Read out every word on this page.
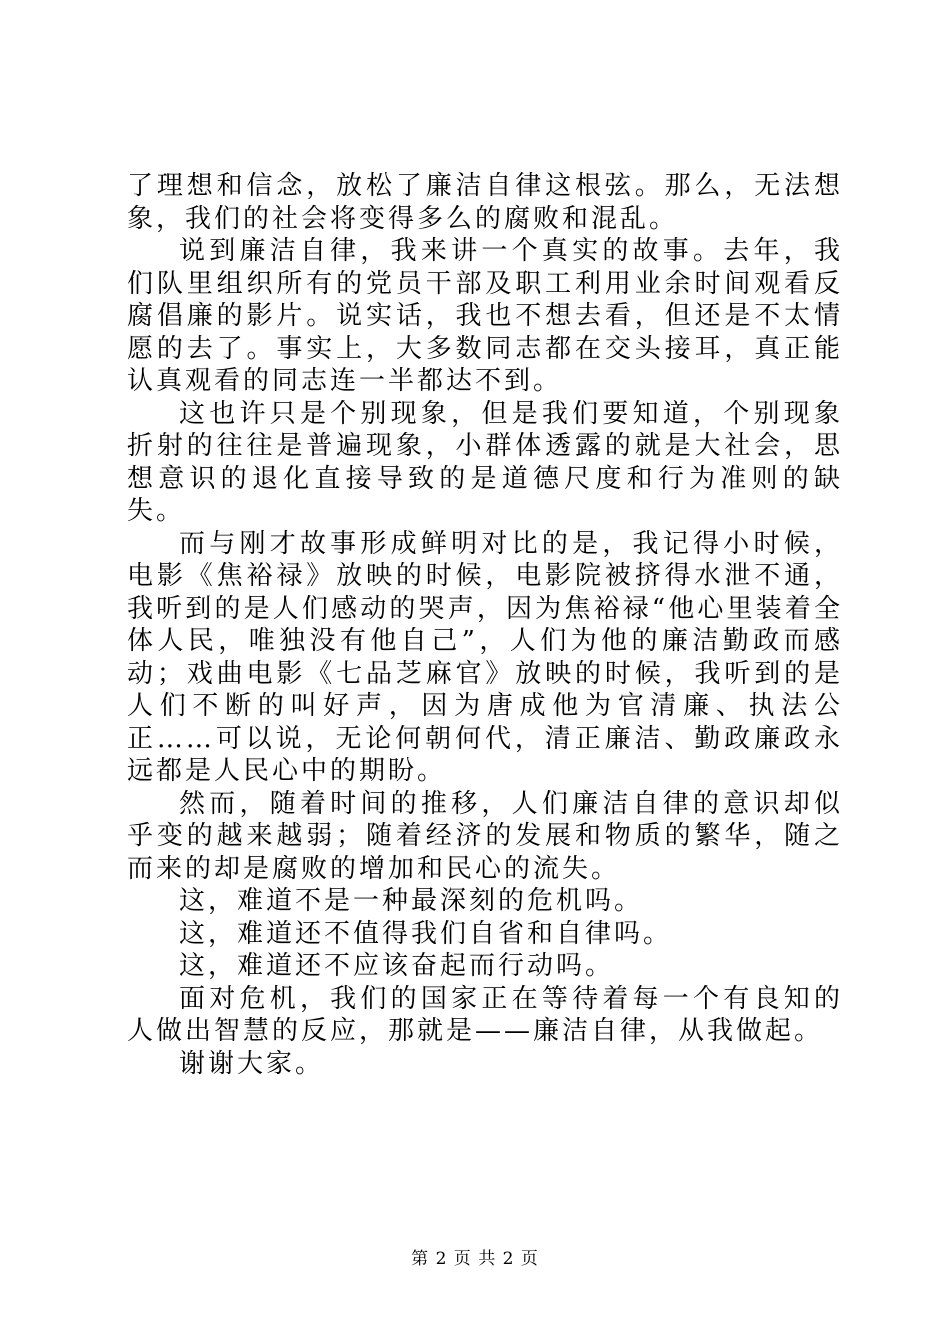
了理想和信念，放松了廉洁自律这根弦。那么，无法想象，我们的社会将变得多么的腐败和混乱。

说到廉洁自律，我来讲一个真实的故事。去年，我们队里组织所有的党员干部及职工利用业余时间观看反腐倡廉的影片。说实话，我也不想去看，但还是不太情愿的去了。事实上，大多数同志都在交头接耳，真正能认真观看的同志连一半都达不到。

这也许只是个别现象，但是我们要知道，个别现象折射的往往是普遍现象，小群体透露的就是大社会，思想意识的退化直接导致的是道德尺度和行为准则的缺失。

而与刚才故事形成鲜明对比的是，我记得小时候，电影《焦裕禄》放映的时候，电影院被挤得水泄不通，我听到的是人们感动的哭声，因为焦裕禄“他心里装着全体人民，唯独没有他自己”，人们为他的廉洁勤政而感动；戏曲电影《七品芝麻官》放映的时候，我听到的是人们不断的叫好声，因为唐成他为官清廉、执法公正……可以说，无论何朝何代，清正廉洁、勤政廉政永远都是人民心中的期盼。

然而，随着时间的推移，人们廉洁自律的意识却似乎变的越来越弱；随着经济的发展和物质的繁华，随之而来的却是腐败的增加和民心的流失。

这，难道不是一种最深刻的危机吗。

这，难道还不值得我们自省和自律吗。

这，难道还不应该奋起而行动吗。

面对危机，我们的国家正在等待着每一个有良知的人做出智慧的反应，那就是——廉洁自律，从我做起。

谢谢大家。

第 2 页 共 2 页
